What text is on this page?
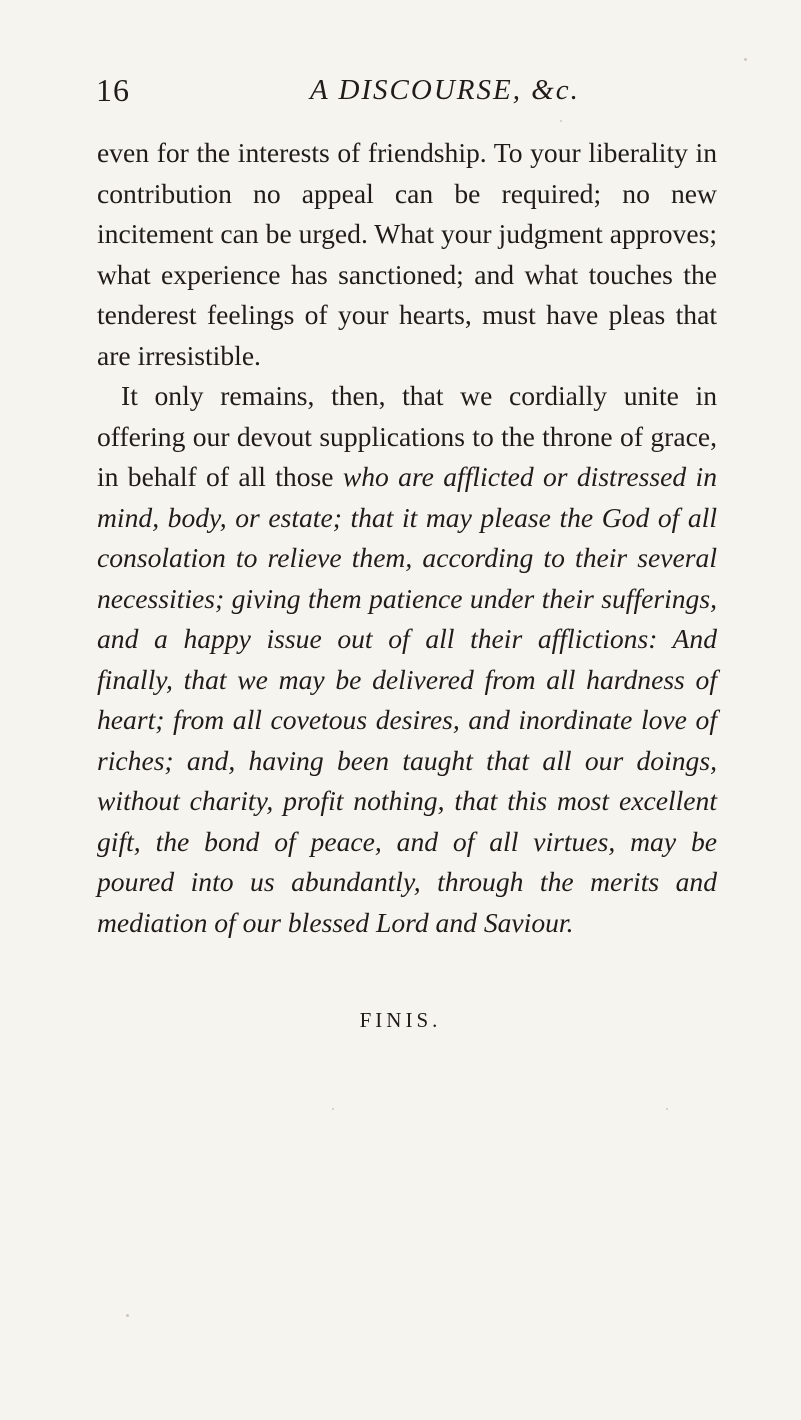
16	A DISCOURSE, &c.

even for the interests of friendship. To your liberality in contribution no appeal can be required; no new incitement can be urged. What your judgment approves; what experience has sanctioned; and what touches the tenderest feelings of your hearts, must have pleas that are irresistible.

It only remains, then, that we cordially unite in offering our devout supplications to the throne of grace, in behalf of all those who are afflicted or distressed in mind, body, or estate; that it may please the God of all consolation to relieve them, according to their several necessities; giving them patience under their sufferings, and a happy issue out of all their afflictions: And finally, that we may be delivered from all hardness of heart; from all covetous desires, and inordinate love of riches; and, having been taught that all our doings, without charity, profit nothing, that this most excellent gift, the bond of peace, and of all virtues, may be poured into us abundantly, through the merits and mediation of our blessed Lord and Saviour.

FINIS.
